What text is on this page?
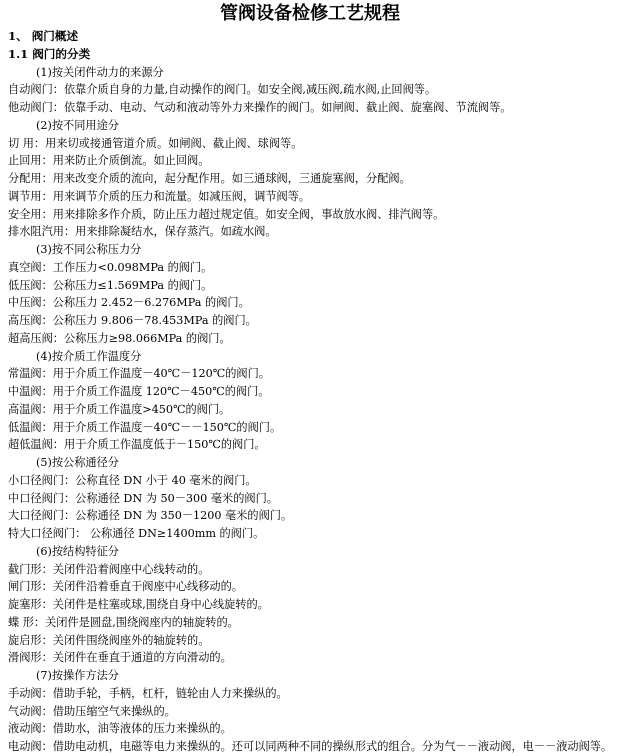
管阀设备检修工艺规程
1、 阀门概述
1.1 阀门的分类
(1)按关闭件动力的来源分
自动阀门：依靠介质自身的力量,自动操作的阀门。如安全阀,减压阀,疏水阀,止回阀等。
他动阀门：依靠手动、电动、气动和液动等外力来操作的阀门。如闸阀、截止阀、旋塞阀、节流阀等。
(2)按不同用途分
切 用：用来切或接通管道介质。如闸阀、截止阀、球阀等。
止回用：用来防止介质倒流。如止回阀。
分配用：用来改变介质的流向，起分配作用。如三通球阀，三通旋塞阀，分配阀。
调节用：用来调节介质的压力和流量。如减压阀，调节阀等。
安全用：用来排除多作介质，防止压力超过规定值。如安全阀，事故放水阀、排汽阀等。
排水阻汽用：用来排除凝结水，保存蒸汽。如疏水阀。
(3)按不同公称压力分
真空阀：工作压力<0.098MPa 的阀门。
低压阀：公称压力≤1.569MPa 的阀门。
中压阀：公称压力 2.452－6.276MPa 的阀门。
高压阀：公称压力 9.806－78.453MPa 的阀门。
超高压阀：公称压力≥98.066MPa 的阀门。
(4)按介质工作温度分
常温阀：用于介质工作温度－40℃－120℃的阀门。
中温阀：用于介质工作温度 120℃－450℃的阀门。
高温阀：用于介质工作温度>450℃的阀门。
低温阀：用于介质工作温度－40℃－－150℃的阀门。
超低温阀：用于介质工作温度低于－150℃的阀门。
(5)按公称通径分
小口径阀门：公称直径 DN 小于 40 毫米的阀门。
中口径阀门：公称通径 DN 为 50－300 毫米的阀门。
大口径阀门：公称通径 DN 为 350－1200 毫米的阀门。
特大口径阀门： 公称通径 DN≥1400mm 的阀门。
(6)按结构特征分
截门形：关闭件沿着阀座中心线转动的。
闸门形：关闭件沿着垂直于阀座中心线移动的。
旋塞形：关闭件是柱塞或球,围绕自身中心线旋转的。
蝶 形：关闭件是圆盘,围绕阀座内的轴旋转的。
旋启形：关闭件围绕阀座外的轴旋转的。
滑阀形：关闭件在垂直于通道的方向滑动的。
(7)按操作方法分
手动阀：借助手轮，手柄，杠杆，链轮由人力来操纵的。
气动阀：借助压缩空气来操纵的。
液动阀：借助水，油等液体的压力来操纵的。
电动阀：借助电动机，电磁等电力来操纵的。还可以同两种不同的操纵形式的组合。分为气－－液动阀，电－－液动阀等。
